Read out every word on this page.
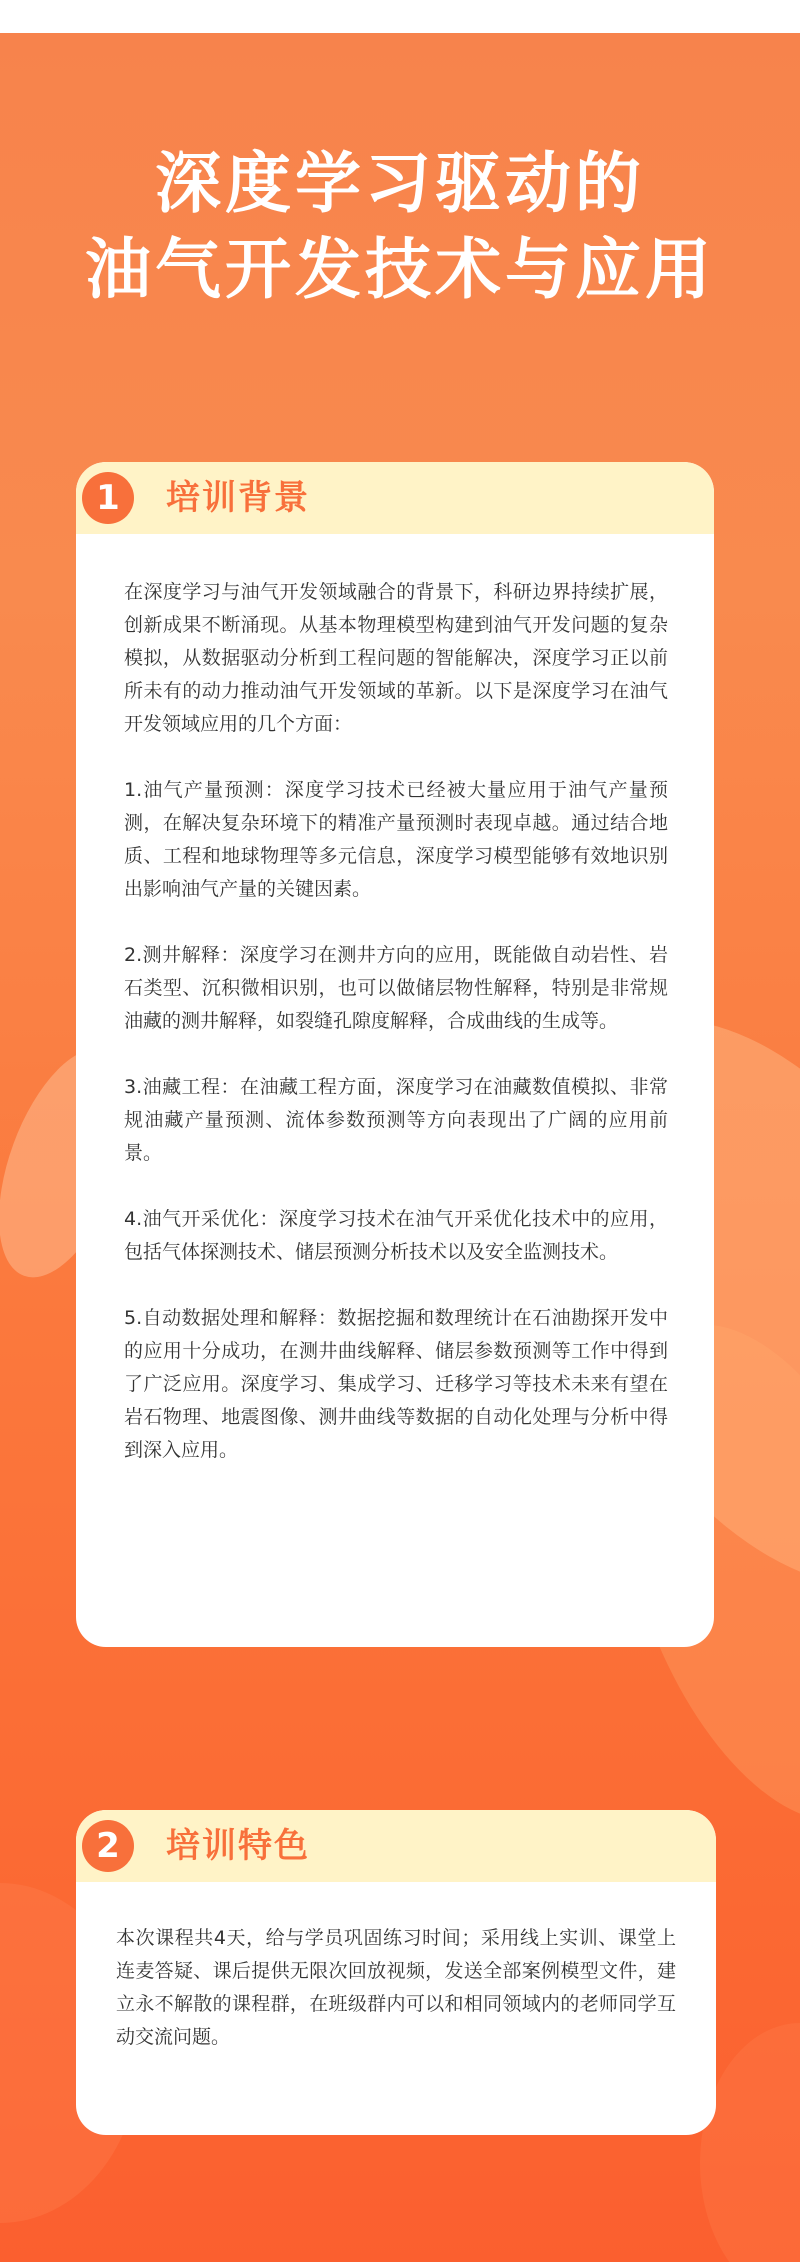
深度学习驱动的
油气开发技术与应用
1	培训背景

在深度学习与油气开发领域融合的背景下，科研边界持续扩展，创新成果不断涌现。从基本物理模型构建到油气开发问题的复杂模拟，从数据驱动分析到工程问题的智能解决，深度学习正以前所未有的动力推动油气开发领域的革新。以下是深度学习在油气开发领域应用的几个方面：

1.油气产量预测：深度学习技术已经被大量应用于油气产量预测，在解决复杂环境下的精准产量预测时表现卓越。通过结合地质、工程和地球物理等多元信息，深度学习模型能够有效地识别出影响油气产量的关键因素。

2.测井解释：深度学习在测井方向的应用，既能做自动岩性、岩石类型、沉积微相识别，也可以做储层物性解释，特别是非常规油藏的测井解释，如裂缝孔隙度解释，合成曲线的生成等。

3.油藏工程：在油藏工程方面，深度学习在油藏数值模拟、非常规油藏产量预测、流体参数预测等方向表现出了广阔的应用前景。

4.油气开采优化：深度学习技术在油气开采优化技术中的应用，包括气体探测技术、储层预测分析技术以及安全监测技术。

5.自动数据处理和解释：数据挖掘和数理统计在石油勘探开发中的应用十分成功，在测井曲线解释、储层参数预测等工作中得到了广泛应用。深度学习、集成学习、迁移学习等技术未来有望在岩石物理、地震图像、测井曲线等数据的自动化处理与分析中得到深入应用。

2	培训特色

本次课程共4天，给与学员巩固练习时间；采用线上实训、课堂上连麦答疑、课后提供无限次回放视频，发送全部案例模型文件，建立永不解散的课程群，在班级群内可以和相同领域内的老师同学互动交流问题。
